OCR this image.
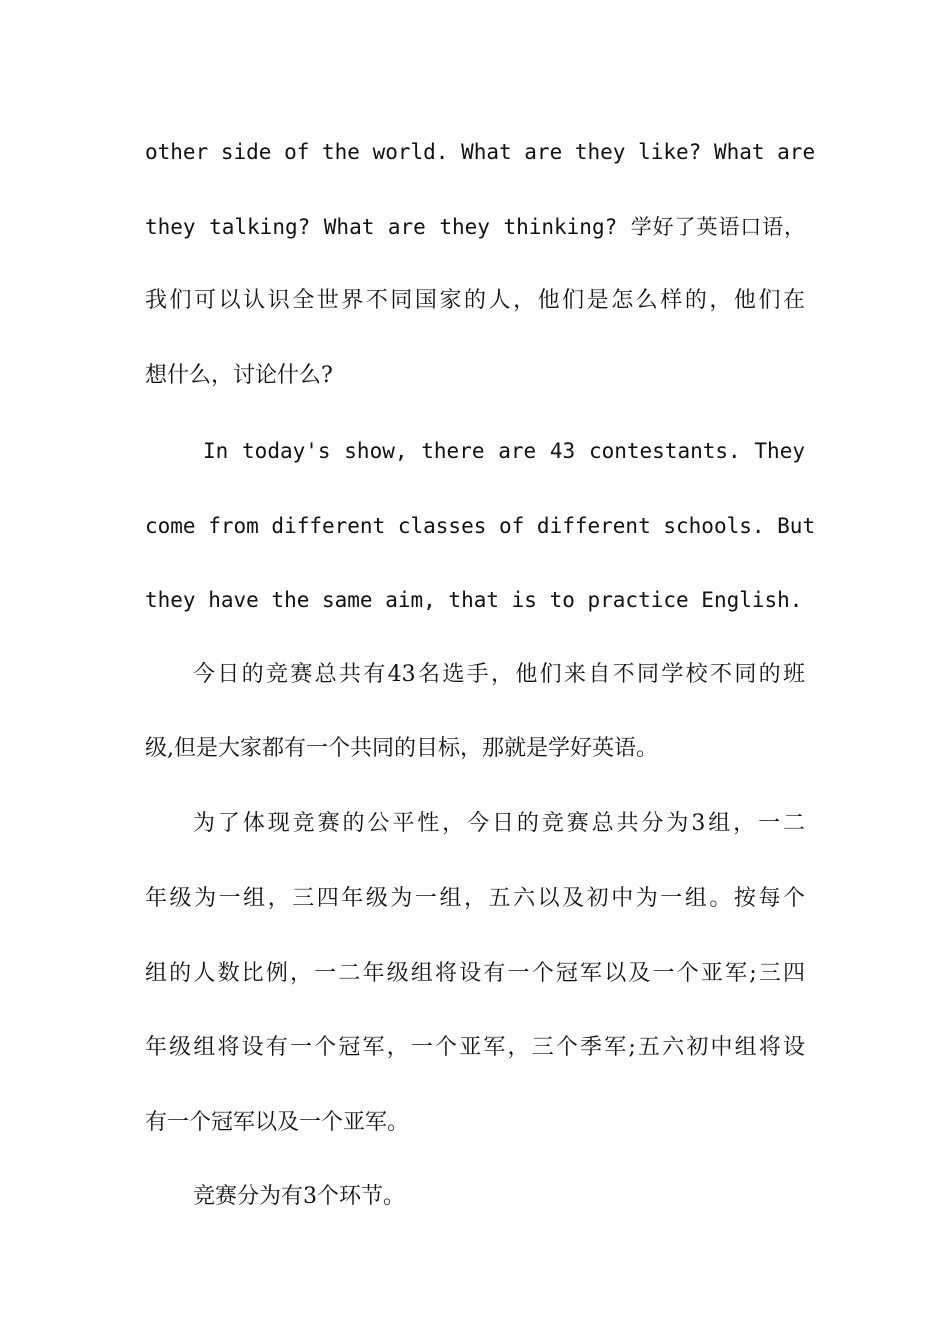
other side of the world. What are they like? What are

they talking? What are they thinking? 学好了英语口语，

我们可以认识全世界不同国家的人，他们是怎么样的，他们在

想什么，讨论什么?

In today's show, there are 43 contestants. They

come from different classes of different schools. But

they have the same aim, that is to practice English.

今日的竞赛总共有43名选手，他们来自不同学校不同的班

级,但是大家都有一个共同的目标，那就是学好英语。

为了体现竞赛的公平性，今日的竞赛总共分为3组，一二

年级为一组，三四年级为一组，五六以及初中为一组。按每个

组的人数比例，一二年级组将设有一个冠军以及一个亚军;三四

年级组将设有一个冠军，一个亚军，三个季军;五六初中组将设

有一个冠军以及一个亚军。

竞赛分为有3个环节。
